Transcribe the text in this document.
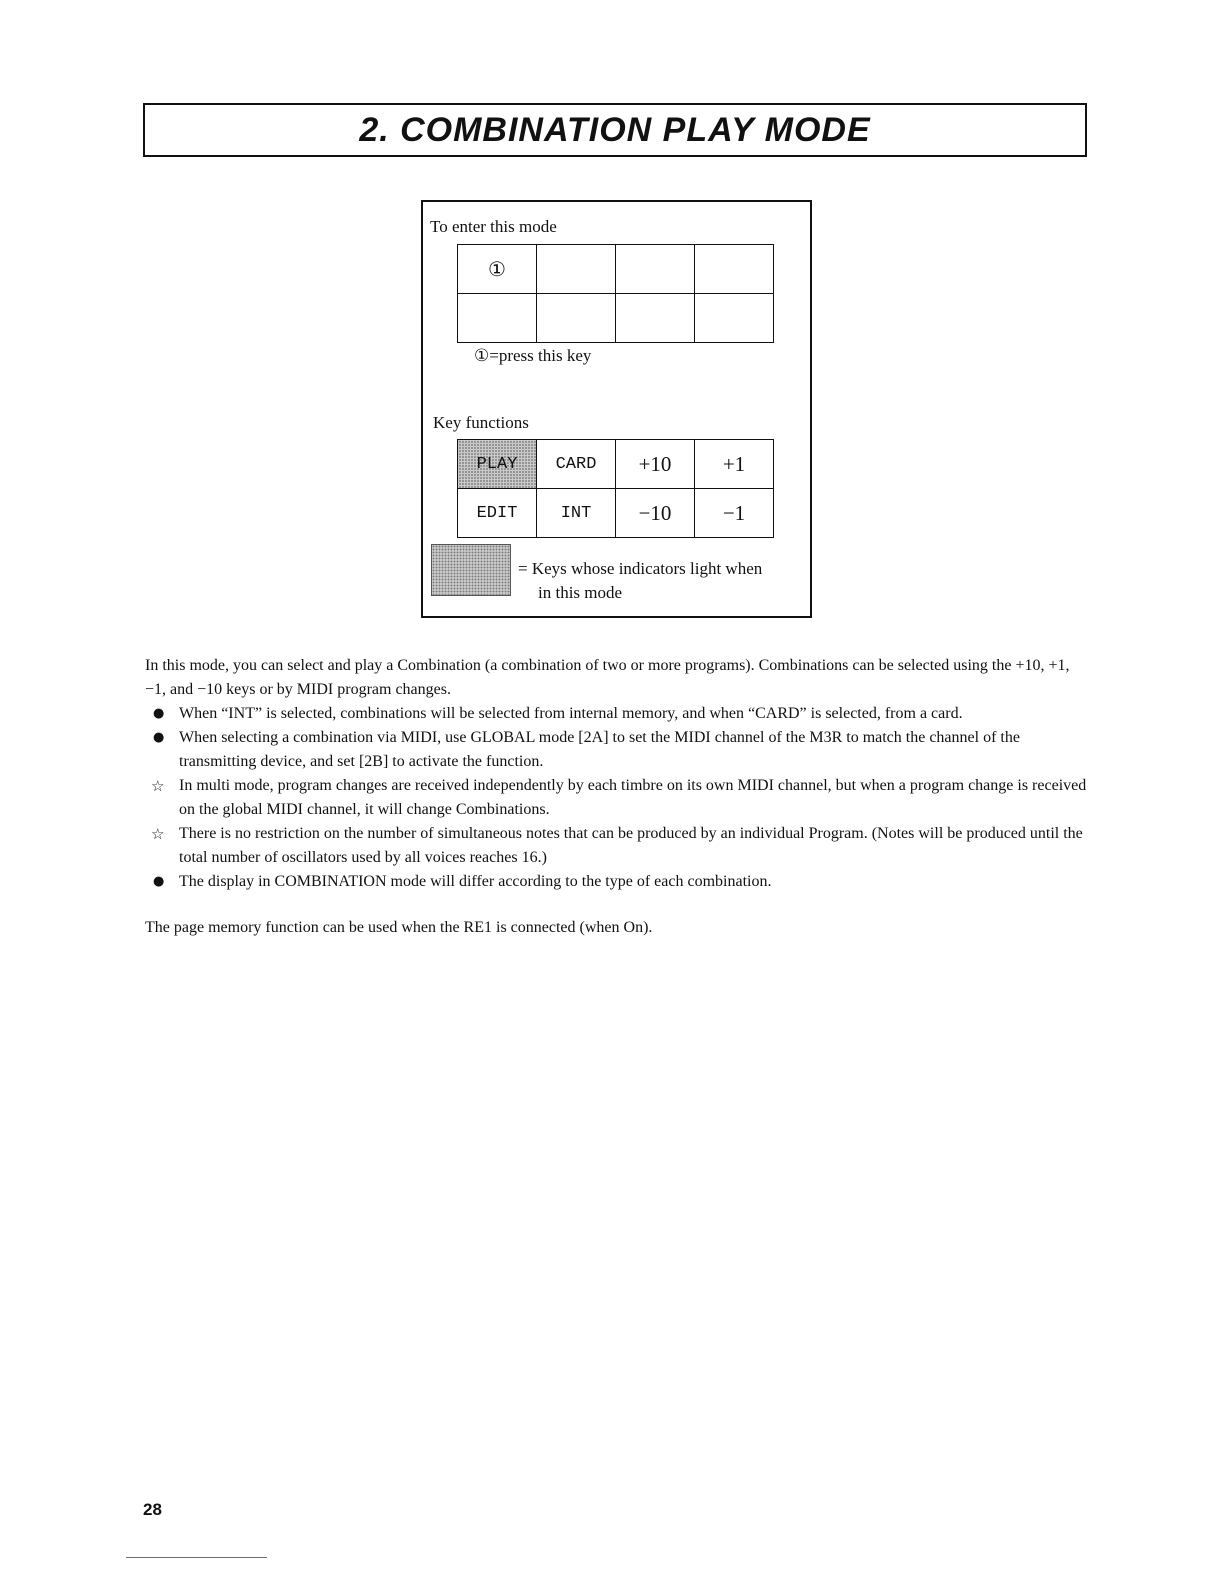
2. COMBINATION PLAY MODE
To enter this mode
①			

①=press this key
Key functions
PLAY	CARD	+10	+1
EDIT	INT	−10	−1
= Keys whose indicators light when
in this mode

In this mode, you can select and play a Combination (a combination of two or more programs). Combinations can be selected using the +10, +1, −1, and −10 keys or by MIDI program changes.

● When “INT” is selected, combinations will be selected from internal memory, and when “CARD” is selected, from a card.
● When selecting a combination via MIDI, use GLOBAL mode [2A] to set the MIDI channel of the M3R to match the channel of the transmitting device, and set [2B] to activate the function.
☆ In multi mode, program changes are received independently by each timbre on its own MIDI channel, but when a program change is received on the global MIDI channel, it will change Combinations.
☆ There is no restriction on the number of simultaneous notes that can be produced by an individual Program. (Notes will be produced until the total number of oscillators used by all voices reaches 16.)
● The display in COMBINATION mode will differ according to the type of each combination.
The page memory function can be used when the RE1 is connected (when On).
28
